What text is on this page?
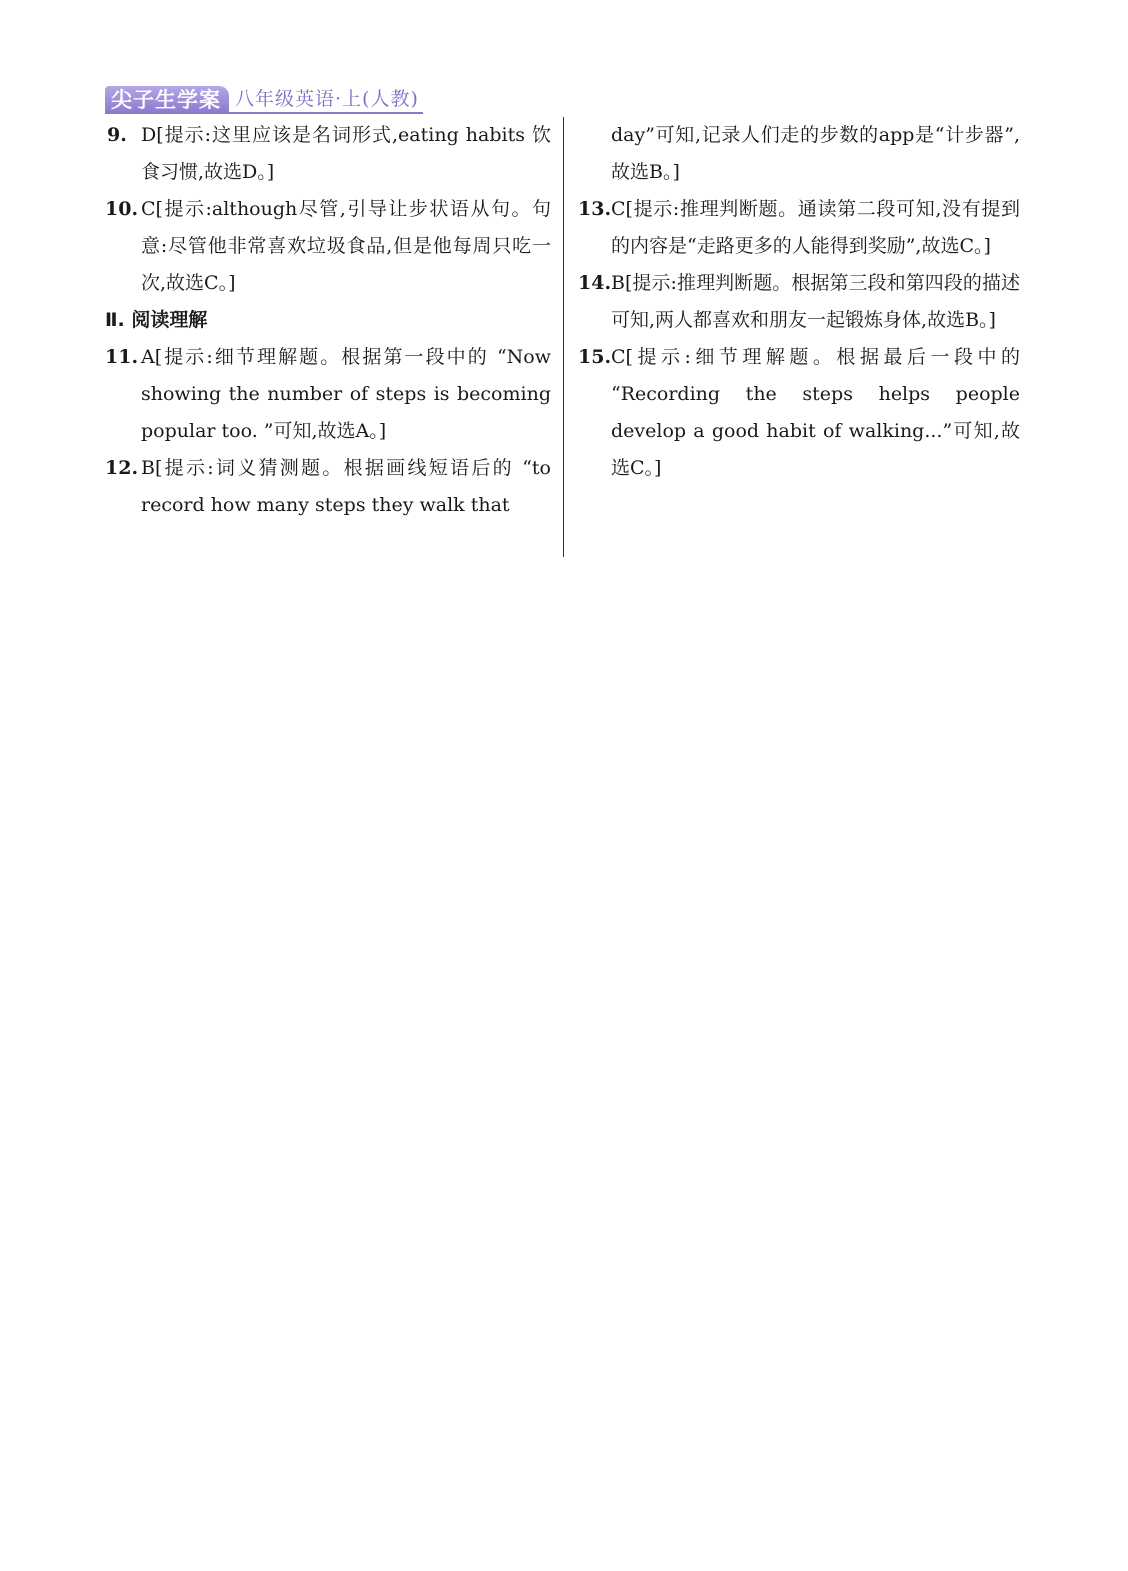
尖子生学案 八年级英语·上(人教)
9. D[提示:这里应该是名词形式,eating habits 饮食习惯,故选D。]
10. C[提示:although尽管,引导让步状语从句。句意:尽管他非常喜欢垃圾食品,但是他每周只吃一次,故选C。]
Ⅱ. 阅读理解
11. A[提示:细节理解题。根据第一段中的 “Now showing the number of steps is becoming popular too. ”可知,故选A。]
12. B[提示:词义猜测题。根据画线短语后的 “to record how many steps they walk that
day”可知,记录人们走的步数的app是“计步器”,故选B。]
13. C[提示:推理判断题。通读第二段可知,没有提到的内容是“走路更多的人能得到奖励”,故选C。]
14. B[提示:推理判断题。根据第三段和第四段的描述可知,两人都喜欢和朋友一起锻炼身体,故选B。]
15. C[提示:细节理解题。根据最后一段中的 “Recording the steps helps people develop a good habit of walking...”可知,故选C。]
